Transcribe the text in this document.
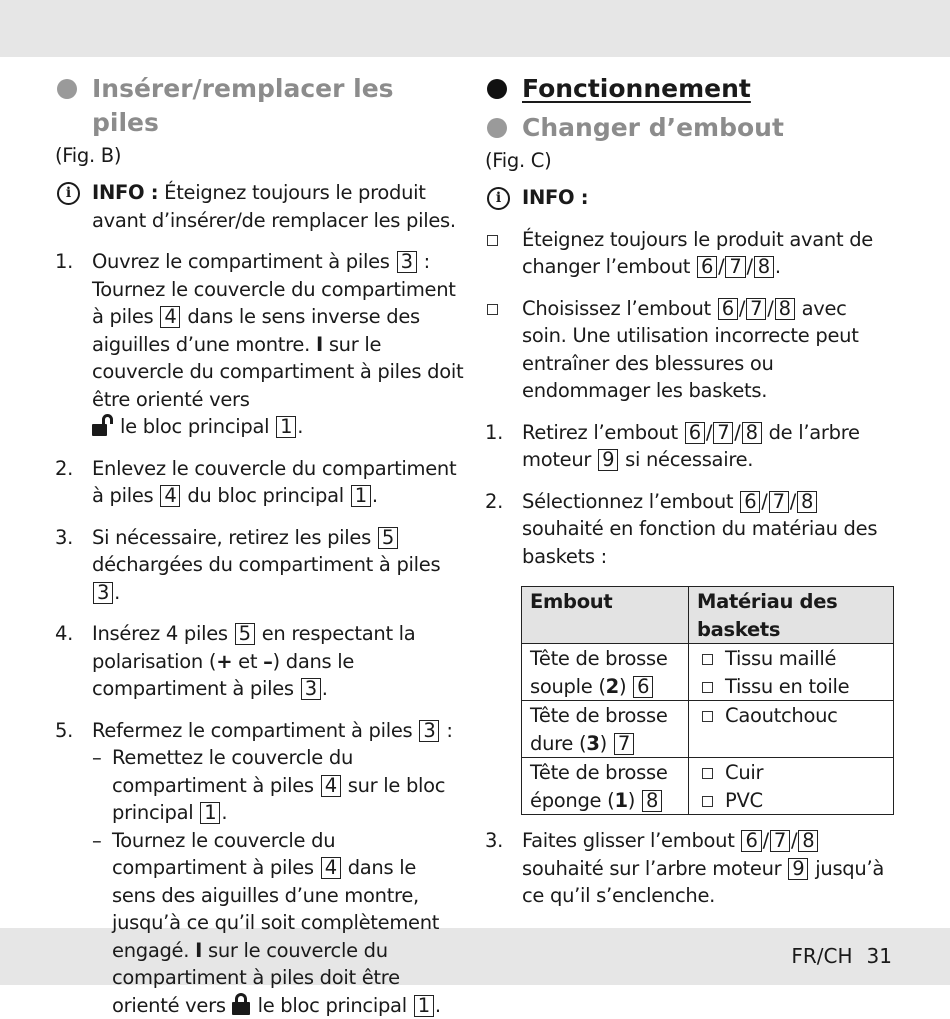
FR/CH 31
Insérer/remplacer les piles
(Fig. B)
i	INFO : Éteignez toujours le produit avant d’insérer/de remplacer les piles.
1. Ouvrez le compartiment à piles 3 : Tournez le couvercle du compartiment à piles 4 dans le sens inverse des aiguilles d’une montre. I sur le couvercle du compartiment à piles doit être orienté vers

le bloc principal 1 .
2. Enlevez le couvercle du compartiment à piles 4 du bloc principal 1 .
3. Si nécessaire, retirez les piles 5 déchargées du compartiment à piles 3 .
4. Insérez 4 piles 5 en respectant la polarisation (+ et –) dans le compartiment à piles 3 .
5. Refermez le compartiment à piles 3 :
– Remettez le couvercle du compartiment à piles 4 sur le bloc principal 1 .
– Tournez le couvercle du compartiment à piles 4 dans le sens des aiguilles d’une montre, jusqu’à ce qu’il soit complètement engagé. I sur le couvercle du compartiment à piles doit être orienté vers le bloc principal 1 .
Fonctionnement
Changer d’embout
(Fig. C)
i	INFO :
Éteignez toujours le produit avant de changer l’embout 6 / 7 / 8 .
Choisissez l’embout 6 / 7 / 8 avec soin. Une utilisation incorrecte peut entraîner des blessures ou endommager les baskets.
1. Retirez l’embout 6 / 7 / 8 de l’arbre moteur 9 si nécessaire.
2. Sélectionnez l’embout 6 / 7 / 8 souhaité en fonction du matériau des baskets :
Embout	Matériau des baskets
Tête de brosse souple (2) 6	Tissu maillé
Tissu en toile

Tête de brosse dure (3) 7	Caoutchouc

Tête de brosse éponge (1) 8	Cuir
PVC
3. Faites glisser l’embout 6 / 7 / 8 souhaité sur l’arbre moteur 9 jusqu’à ce qu’il s’enclenche.
